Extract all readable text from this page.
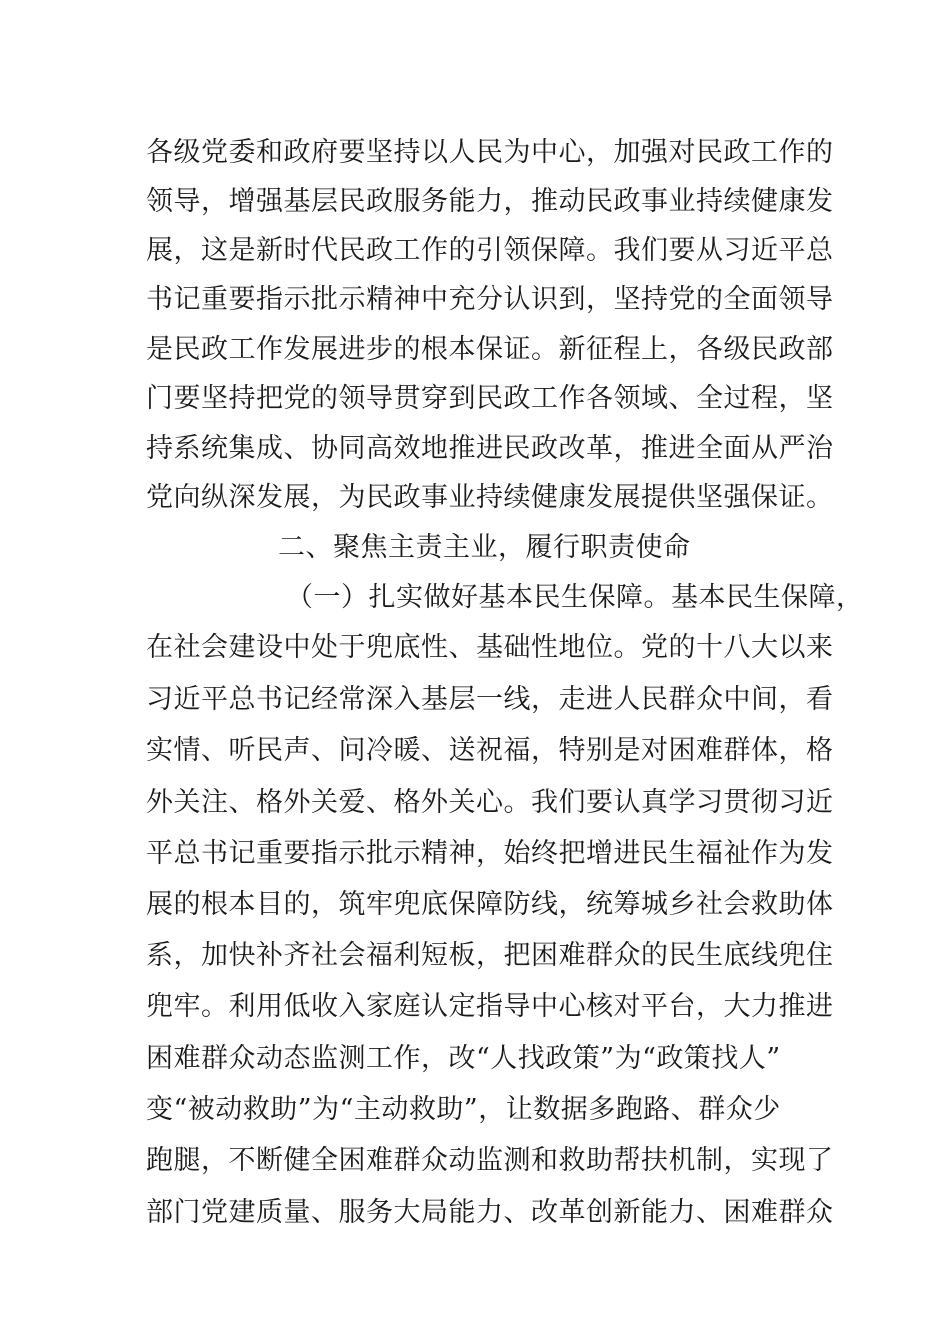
各级党委和政府要坚持以人民为中心，加强对民政工作的
领导，增强基层民政服务能力，推动民政事业持续健康发
展，这是新时代民政工作的引领保障。我们要从习近平总
书记重要指示批示精神中充分认识到，坚持党的全面领导
是民政工作发展进步的根本保证。新征程上，各级民政部
门要坚持把党的领导贯穿到民政工作各领域、全过程，坚
持系统集成、协同高效地推进民政改革，推进全面从严治
党向纵深发展，为民政事业持续健康发展提供坚强保证。
二、聚焦主责主业，履行职责使命
（一）扎实做好基本民生保障。基本民生保障，
在社会建设中处于兜底性、基础性地位。党的十八大以来
习近平总书记经常深入基层一线，走进人民群众中间，看
实情、听民声、问冷暖、送祝福，特别是对困难群体，格
外关注、格外关爱、格外关心。我们要认真学习贯彻习近
平总书记重要指示批示精神，始终把增进民生福祉作为发
展的根本目的，筑牢兜底保障防线，统筹城乡社会救助体
系，加快补齐社会福利短板，把困难群众的民生底线兜住
兜牢。利用低收入家庭认定指导中心核对平台，大力推进
困难群众动态监测工作，改“人找政策”为“政策找人”
变“被动救助”为“主动救助”，让数据多跑路、群众少
跑腿，不断健全困难群众动监测和救助帮扶机制，实现了
部门党建质量、服务大局能力、改革创新能力、困难群众
